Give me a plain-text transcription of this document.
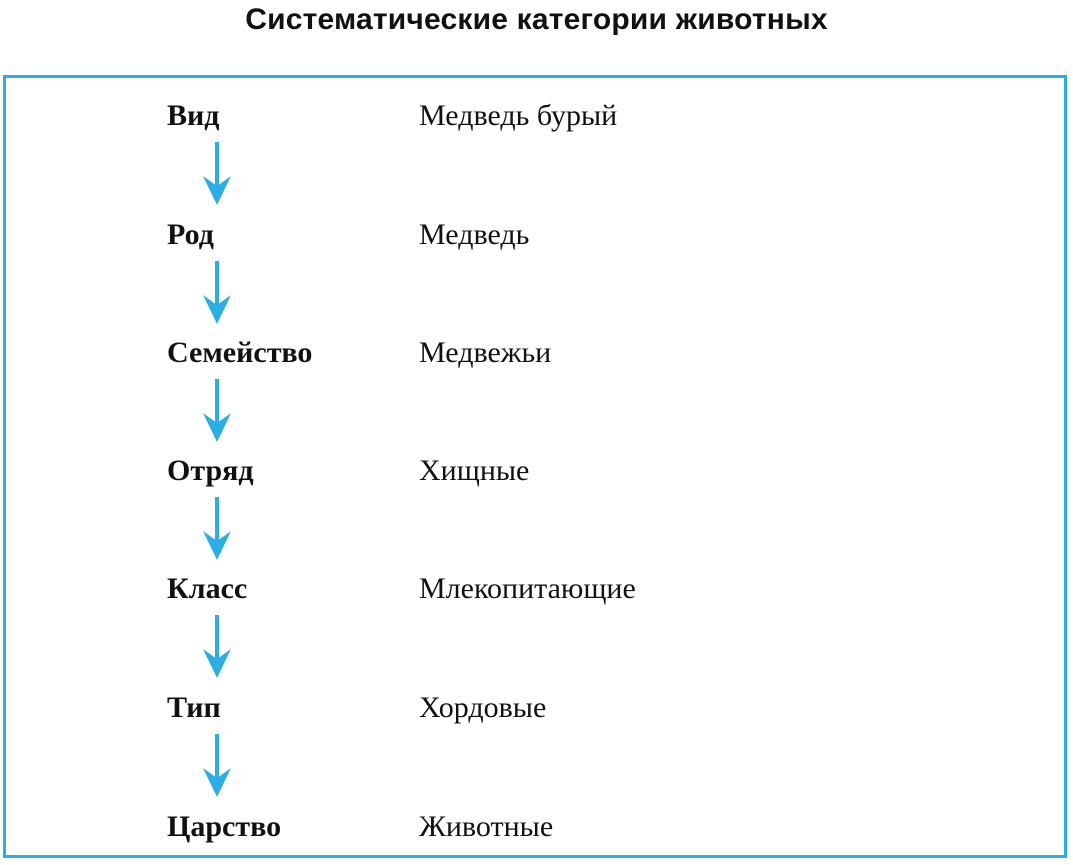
Систематические категории животных
Вид	Медведь бурый
Род	Медведь
Семейство	Медвежьи
Отряд	Хищные
Класс	Млекопитающие
Тип	Хордовые
Царство	Животные
